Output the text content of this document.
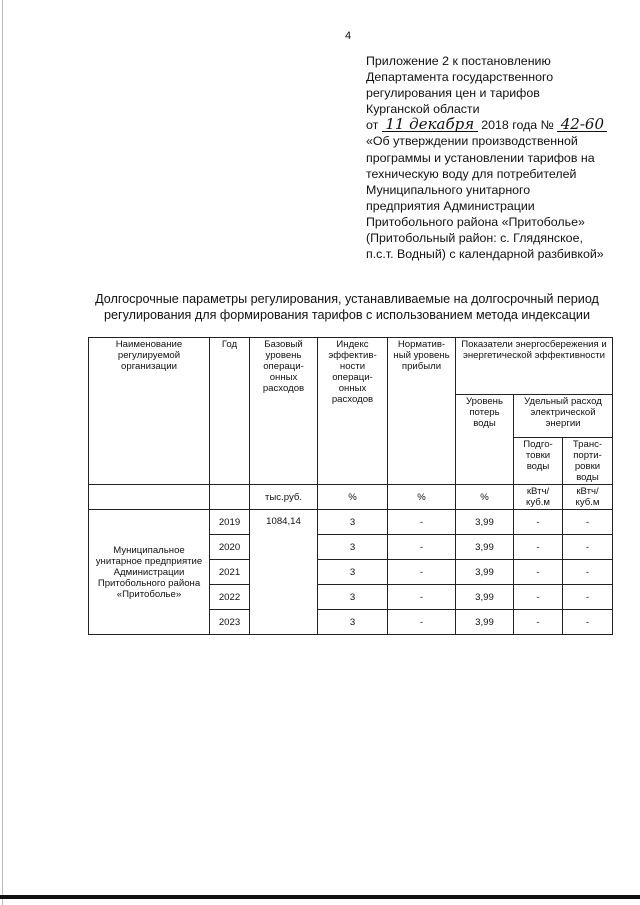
4
Приложение 2 к постановлению
Департамента государственного
регулирования цен и тарифов
Курганской области
от 11 декабря 2018 года № 42-60
«Об утверждении производственной
программы и установлении тарифов на
техническую воду для потребителей
Муниципального унитарного
предприятия Администрации
Притобольного района «Притоболье»
(Притобольный район: с. Глядянское,
п.с.т. Водный) с календарной разбивкой»
Долгосрочные параметры регулирования, устанавливаемые на долгосрочный период
регулирования для формирования тарифов с использованием метода индексации
Наименование регулируемой организации	Год	Базовый уровень операци-онных расходов	Индекс эффектив-ности операци-онных расходов	Норматив-ный уровень прибыли	Показатели энергосбережения и энергетической эффективности		
					Уровень потерь воды	Удельный расход электрической энергии	
						Подго-товки воды	Транс-порти-ровки воды

		тыс.руб.	%	%	%	кВтч/ куб.м	кВтч/ куб.м
Муниципальное унитарное предприятие Администрации Притобольного района «Притоболье»	2019	1084,14	3	-	3,99	-	-
	2020		3	-	3,99	-	-
	2021		3	-	3,99	-	-
	2022		3	-	3,99	-	-
	2023		3	-	3,99	-	-
